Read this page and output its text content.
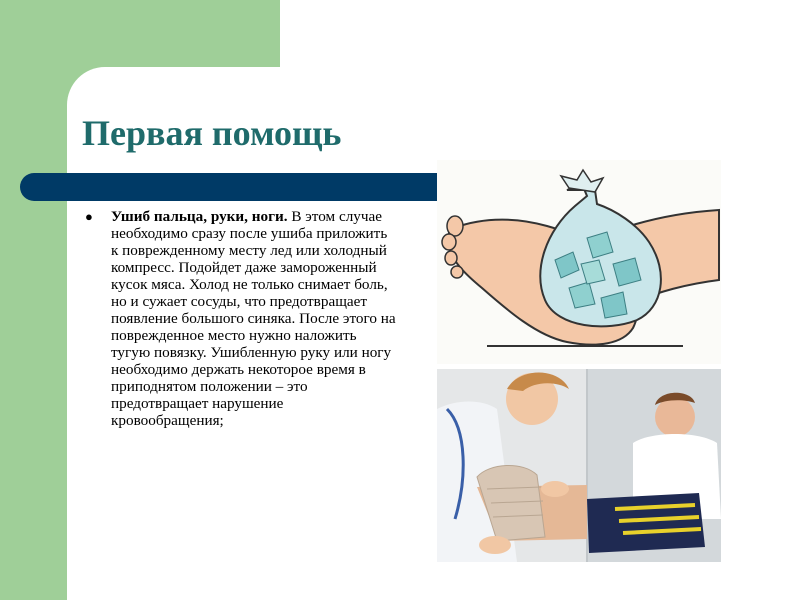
Первая помощь
● Ушиб пальца, руки, ноги. В этом случае необходимо сразу после ушиба приложить к поврежденному месту лед или холодный компресс. Подойдет даже замороженный кусок мяса. Холод не только снимает боль, но и сужает сосуды, что предотвращает появление большого синяка. После этого на поврежденное место нужно наложить тугую повязку. Ушибленную руку или ногу необходимо держать некоторое время в приподнятом положении – это предотвращает нарушение кровообращения;
